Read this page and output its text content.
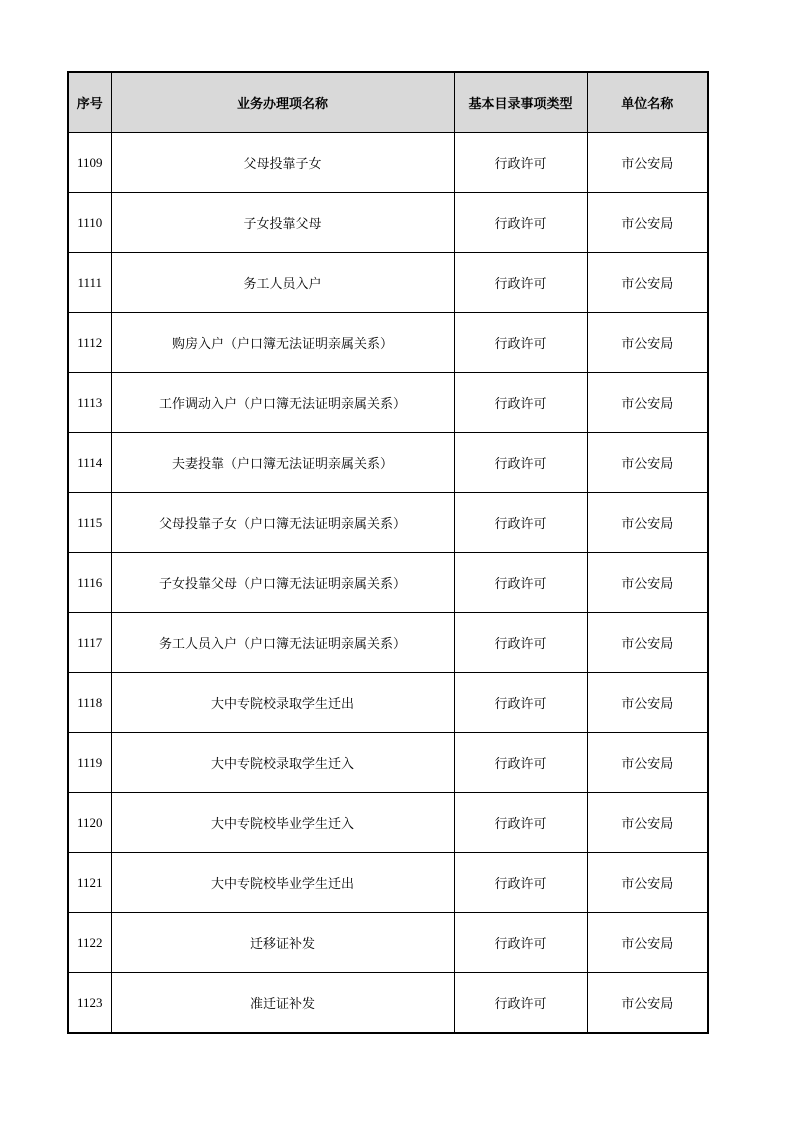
序号	业务办理项名称	基本目录事项类型	单位名称
1109	父母投靠子女	行政许可	市公安局
1110	子女投靠父母	行政许可	市公安局
1111	务工人员入户	行政许可	市公安局
1112	购房入户（户口簿无法证明亲属关系）	行政许可	市公安局
1113	工作调动入户（户口簿无法证明亲属关系）	行政许可	市公安局
1114	夫妻投靠（户口簿无法证明亲属关系）	行政许可	市公安局
1115	父母投靠子女（户口簿无法证明亲属关系）	行政许可	市公安局
1116	子女投靠父母（户口簿无法证明亲属关系）	行政许可	市公安局
1117	务工人员入户（户口簿无法证明亲属关系）	行政许可	市公安局
1118	大中专院校录取学生迁出	行政许可	市公安局
1119	大中专院校录取学生迁入	行政许可	市公安局
1120	大中专院校毕业学生迁入	行政许可	市公安局
1121	大中专院校毕业学生迁出	行政许可	市公安局
1122	迁移证补发	行政许可	市公安局
1123	准迁证补发	行政许可	市公安局
